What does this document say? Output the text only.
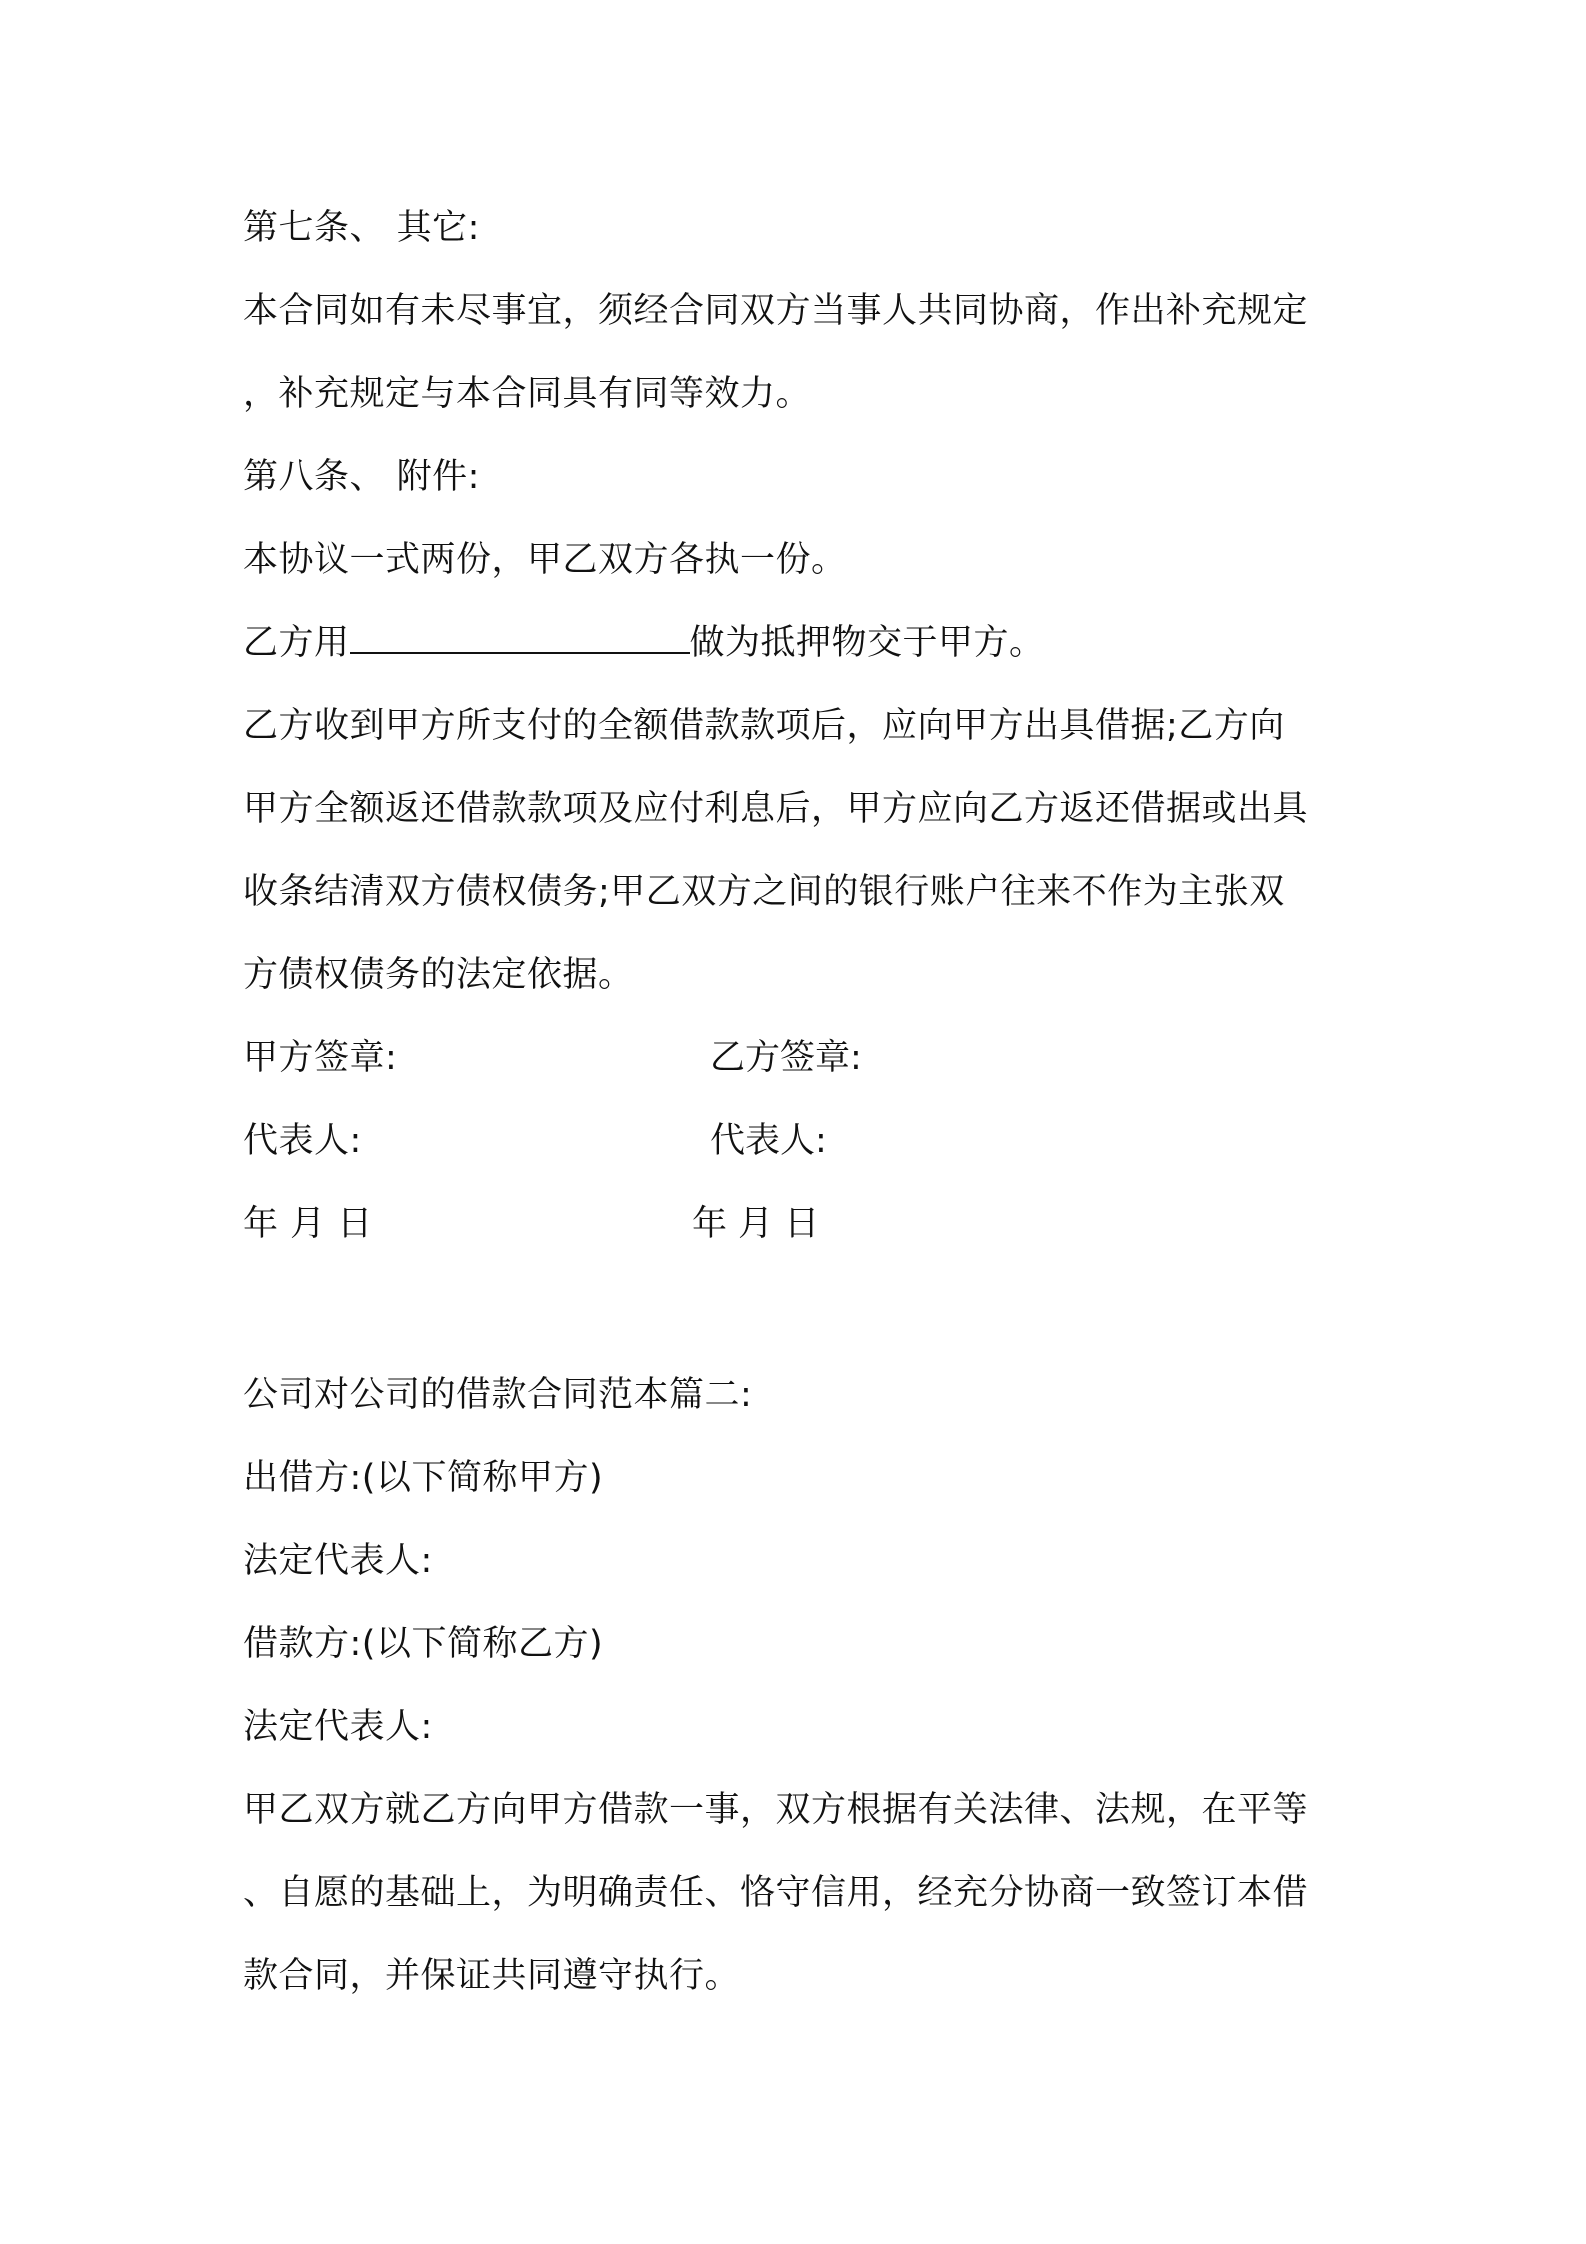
第七条、 其它:
本合同如有未尽事宜，须经合同双方当事人共同协商，作出补充规定
，补充规定与本合同具有同等效力。
第八条、 附件:
本协议一式两份，甲乙双方各执一份。
乙方用	做为抵押物交于甲方。
乙方收到甲方所支付的全额借款款项后，应向甲方出具借据;乙方向
甲方全额返还借款款项及应付利息后，甲方应向乙方返还借据或出具
收条结清双方债权债务;甲乙双方之间的银行账户往来不作为主张双
方债权债务的法定依据。
甲方签章:	乙方签章:
代表人:	代表人:
年 月 日	年 月 日
公司对公司的借款合同范本篇二:
出借方:(以下简称甲方)
法定代表人:
借款方:(以下简称乙方)
法定代表人:
甲乙双方就乙方向甲方借款一事，双方根据有关法律、法规，在平等
、自愿的基础上，为明确责任、恪守信用，经充分协商一致签订本借
款合同，并保证共同遵守执行。
